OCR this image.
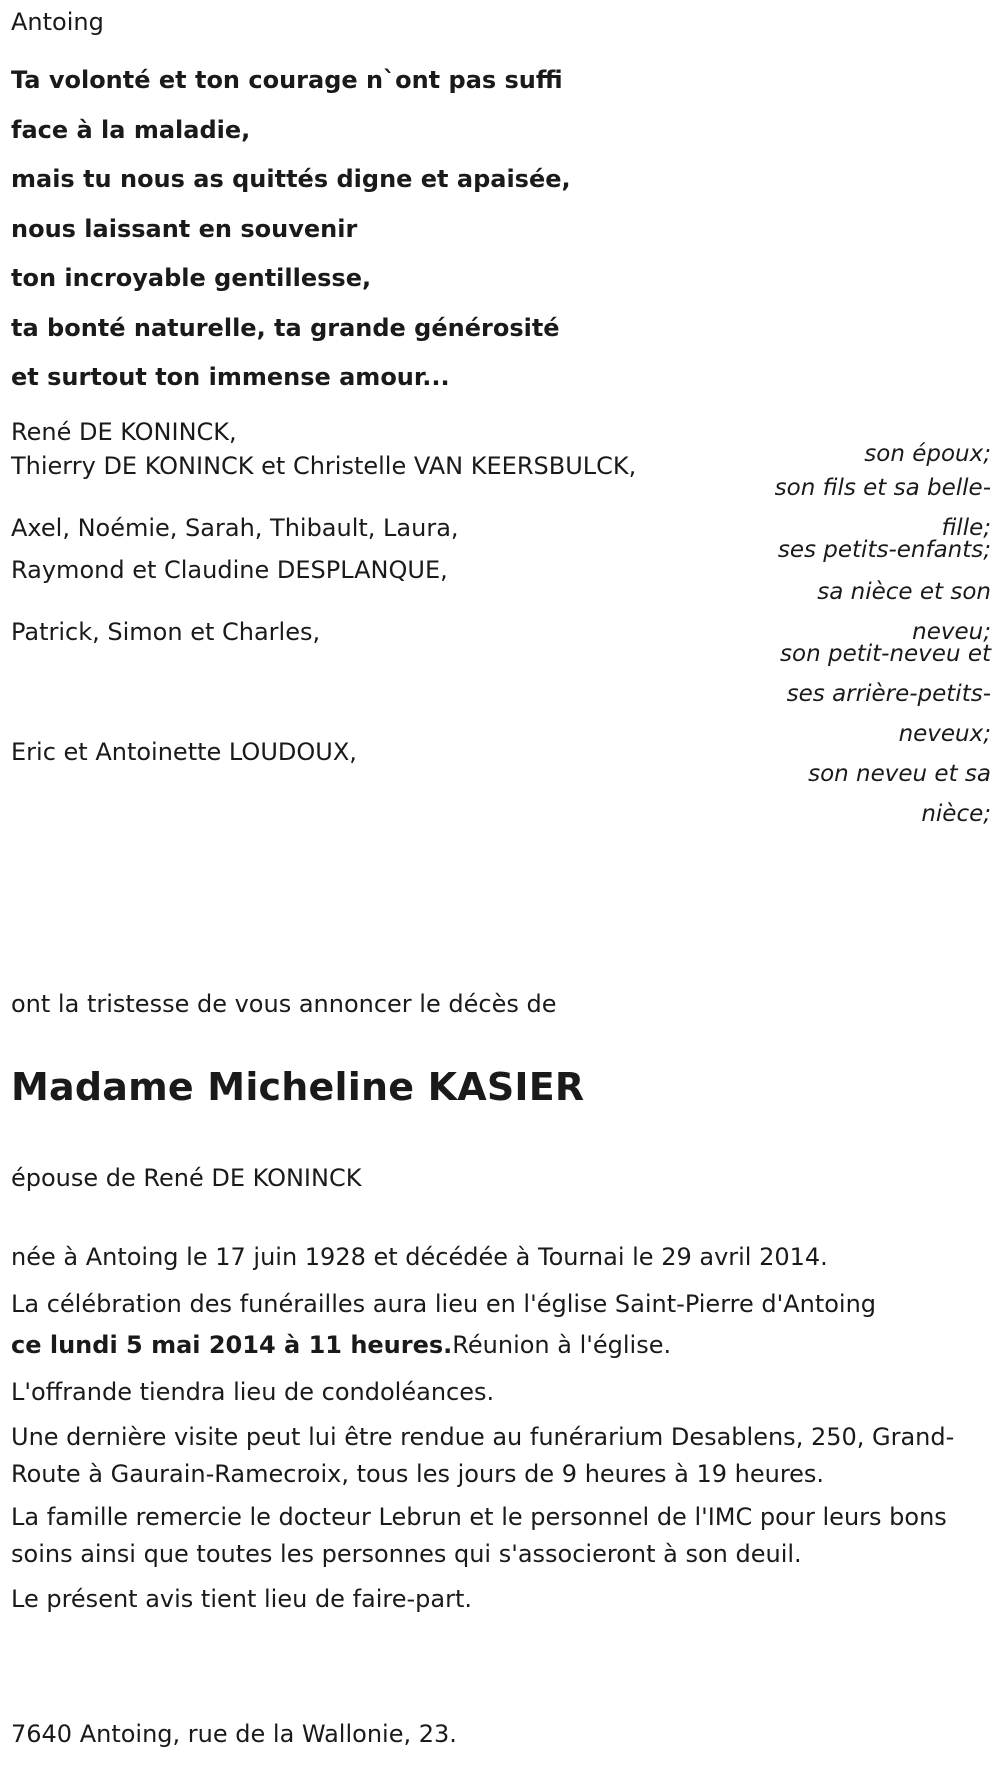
Antoing
Ta volonté et ton courage n`ont pas suffi
face à la maladie,
mais tu nous as quittés digne et apaisée,
nous laissant en souvenir
ton incroyable gentillesse,
ta bonté naturelle, ta grande générosité
et surtout ton immense amour...
René DE KONINCK,
son époux;
Thierry DE KONINCK et Christelle VAN KEERSBULCK,
son fils et sa belle-fille;
Axel, Noémie, Sarah, Thibault, Laura,
ses petits-enfants;
Raymond et Claudine DESPLANQUE,
sa nièce et son neveu;
Patrick, Simon et Charles,
son petit-neveu et ses arrière-petits-neveux;
Eric et Antoinette LOUDOUX,
son neveu et sa nièce;
ont la tristesse de vous annoncer le décès de
Madame Micheline KASIER
épouse de René DE KONINCK

née à Antoing le 17 juin 1928 et décédée à Tournai le 29 avril 2014.

La célébration des funérailles aura lieu en l'église Saint-Pierre d'Antoing
ce lundi 5 mai 2014 à 11 heures.Réunion à l'église.

L'offrande tiendra lieu de condoléances.

Une dernière visite peut lui être rendue au funérarium Desablens, 250, Grand-Route à Gaurain-Ramecroix, tous les jours de 9 heures à 19 heures.

La famille remercie le docteur Lebrun et le personnel de l'IMC pour leurs bons soins ainsi que toutes les personnes qui s'associeront à son deuil.

Le présent avis tient lieu de faire-part.

7640 Antoing, rue de la Wallonie, 23.
